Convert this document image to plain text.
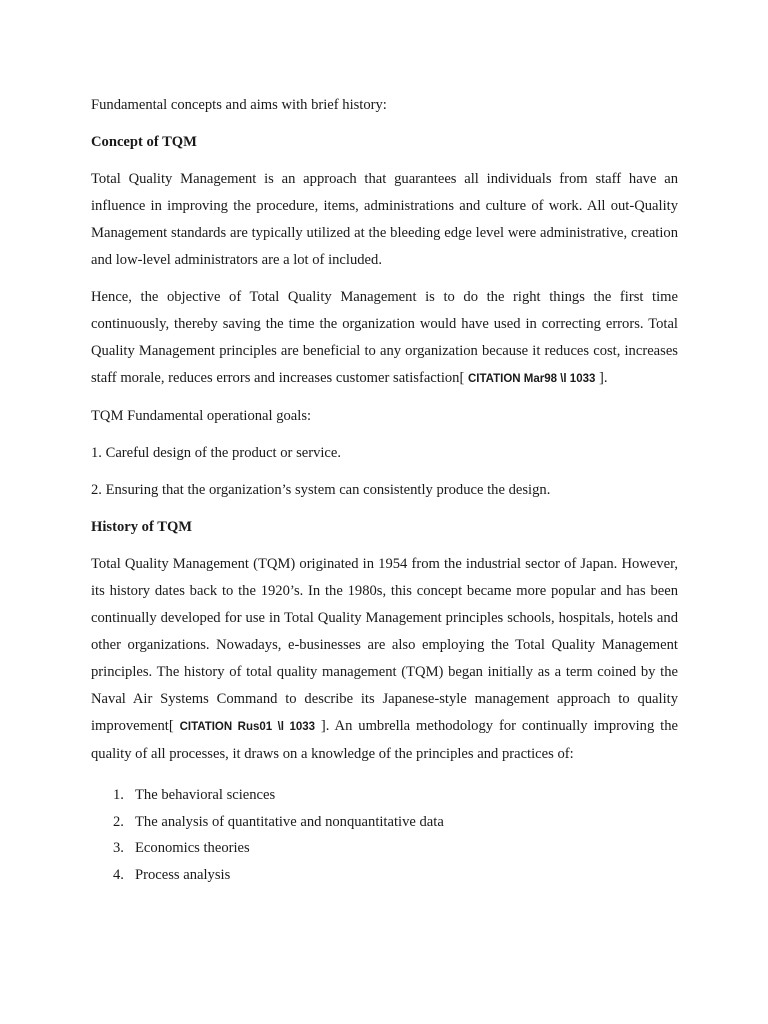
Fundamental concepts and aims with brief history:
Concept of TQM

Total Quality Management is an approach that guarantees all individuals from staff have an influence in improving the procedure, items, administrations and culture of work. All out-Quality Management standards are typically utilized at the bleeding edge level were administrative, creation and low-level administrators are a lot of included.

Hence, the objective of Total Quality Management is to do the right things the first time continuously, thereby saving the time the organization would have used in correcting errors. Total Quality Management principles are beneficial to any organization because it reduces cost, increases staff morale, reduces errors and increases customer satisfaction[ CITATION Mar98 \l 1033 ].

TQM Fundamental operational goals:
1. Careful design of the product or service.
2. Ensuring that the organization’s system can consistently produce the design.
History of TQM

Total Quality Management (TQM) originated in 1954 from the industrial sector of Japan. However, its history dates back to the 1920’s. In the 1980s, this concept became more popular and has been continually developed for use in Total Quality Management principles schools, hospitals, hotels and other organizations. Nowadays, e-businesses are also employing the Total Quality Management principles. The history of total quality management (TQM) began initially as a term coined by the Naval Air Systems Command to describe its Japanese-style management approach to quality improvement[ CITATION Rus01 \l 1033 ]. An umbrella methodology for continually improving the quality of all processes, it draws on a knowledge of the principles and practices of:

1. The behavioral sciences
2. The analysis of quantitative and nonquantitative data
3. Economics theories
4. Process analysis
